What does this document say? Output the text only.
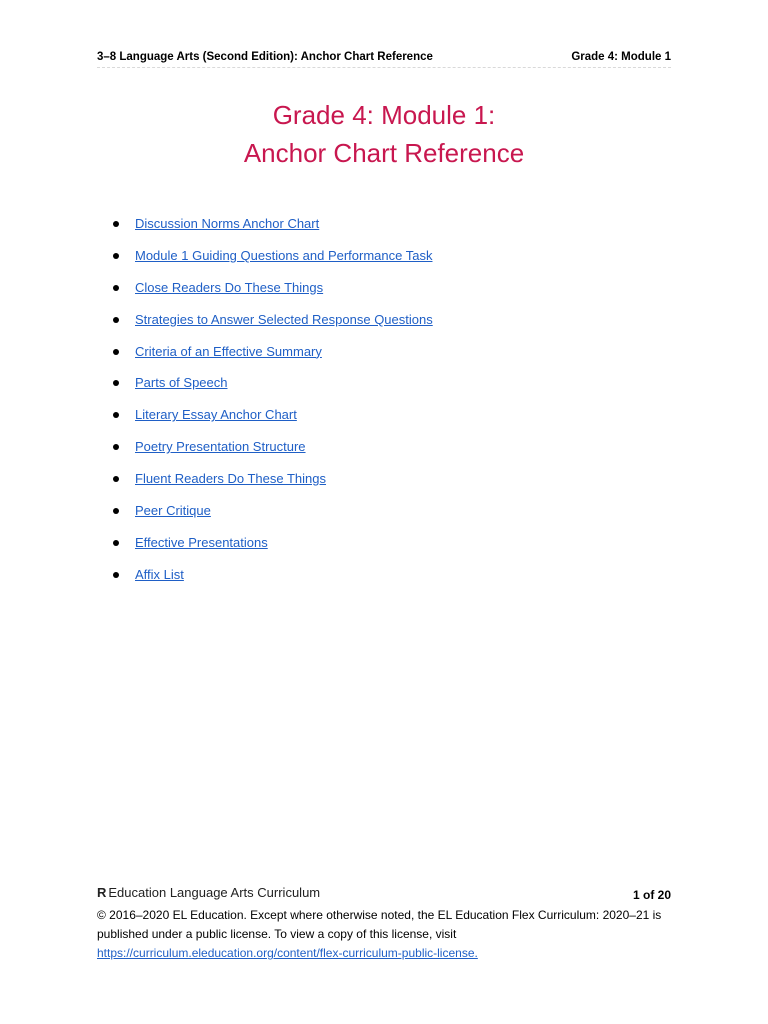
3–8 Language Arts (Second Edition): Anchor Chart Reference	Grade 4: Module 1
Grade 4: Module 1:
Anchor Chart Reference
Discussion Norms Anchor Chart
Module 1 Guiding Questions and Performance Task
Close Readers Do These Things
Strategies to Answer Selected Response Questions
Criteria of an Effective Summary
Parts of Speech
Literary Essay Anchor Chart
Poetry Presentation Structure
Fluent Readers Do These Things
Peer Critique
Effective Presentations
Affix List
R Education Language Arts Curriculum	1 of 20
© 2016–2020 EL Education. Except where otherwise noted, the EL Education Flex Curriculum: 2020–21 is published under a public license. To view a copy of this license, visit https://curriculum.eleducation.org/content/flex-curriculum-public-license.
